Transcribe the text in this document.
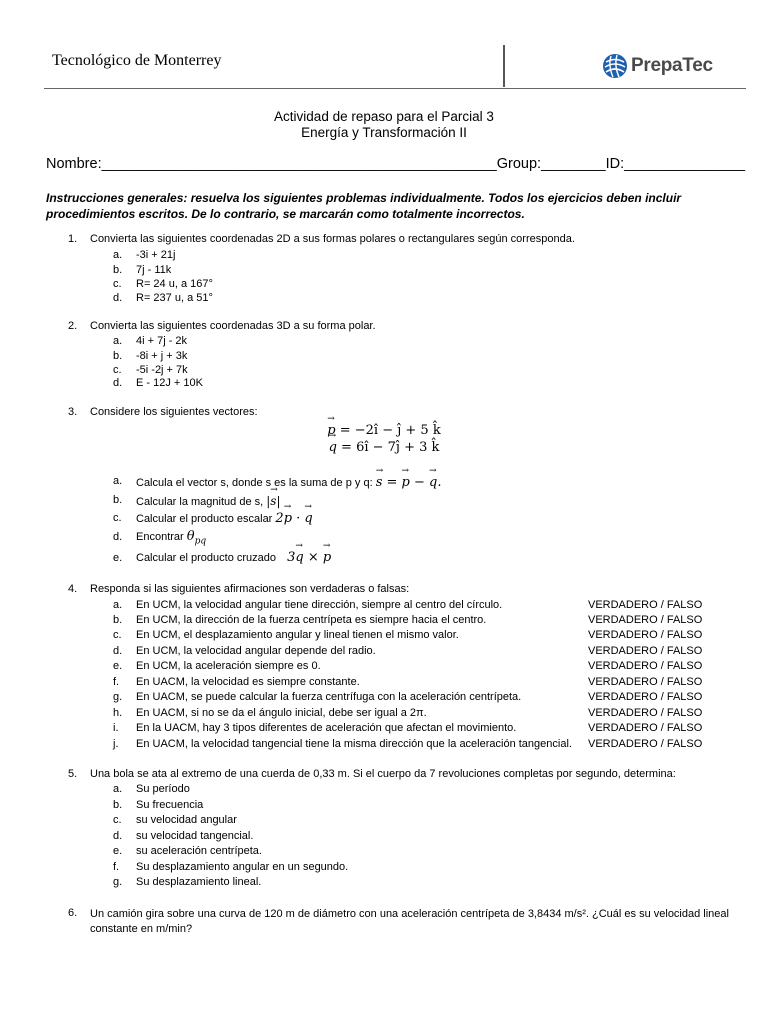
Tecnológico de Monterrey	PrepaTec
Actividad de repaso para el Parcial 3
Energía y Transformación II
Nombre:_________________________________________________Group:________ID:_______________
Instrucciones generales: resuelva los siguientes problemas individualmente. Todos los ejercicios deben incluir procedimientos escritos. De lo contrario, se marcarán como totalmente incorrectos.
1. Convierta las siguientes coordenadas 2D a sus formas polares o rectangulares según corresponda.
a. -3i + 21j
b. 7j - 11k
c. R= 24 u, a 167°
d. R= 237 u, a 51°
2. Convierta las siguientes coordenadas 3D a su forma polar.
a. 4i + 7j - 2k
b. -8i + j + 3k
c. -5i -2j + 7k
d. E - 12J + 10K
3. Considere los siguientes vectores:
→ p = −2î − ĵ + 5 k̂
→ q = 6î − 7ĵ + 3 k̂
a. Calcula el vector s, donde s es la suma de p y q: → s = → p − → q.
b. Calcular la magnitud de s, |→ s|
c. Calcular el producto escalar 2→ p · → q
d. Encontrar $\theta_{pq}$
e. Calcular el producto cruzado 3→ q × → p
4. Responda si las siguientes afirmaciones son verdaderas o falsas:
a. En UCM, la velocidad angular tiene dirección, siempre al centro del círculo.	VERDADERO / FALSO
b. En UCM, la dirección de la fuerza centrípeta es siempre hacia el centro.	VERDADERO / FALSO
c. En UCM, el desplazamiento angular y lineal tienen el mismo valor.	VERDADERO / FALSO
d. En UCM, la velocidad angular depende del radio.	VERDADERO / FALSO
e. En UCM, la aceleración siempre es 0.	VERDADERO / FALSO
f. En UACM, la velocidad es siempre constante.	VERDADERO / FALSO
g. En UACM, se puede calcular la fuerza centrífuga con la aceleración centrípeta.	VERDADERO / FALSO
h. En UACM, si no se da el ángulo inicial, debe ser igual a 2π.	VERDADERO / FALSO
i. En la UACM, hay 3 tipos diferentes de aceleración que afectan el movimiento.	VERDADERO / FALSO
j. En UACM, la velocidad tangencial tiene la misma dirección que la aceleración tangencial. VERDADERO / FALSO
5. Una bola se ata al extremo de una cuerda de 0,33 m. Si el cuerpo da 7 revoluciones completas por segundo, determina:
a. Su período
b. Su frecuencia
c. su velocidad angular
d. su velocidad tangencial.
e. su aceleración centrípeta.
f. Su desplazamiento angular en un segundo.
g. Su desplazamiento lineal.
6. Un camión gira sobre una curva de 120 m de diámetro con una aceleración centrípeta de 3,8434 m/s². ¿Cuál es su velocidad lineal constante en m/min?
